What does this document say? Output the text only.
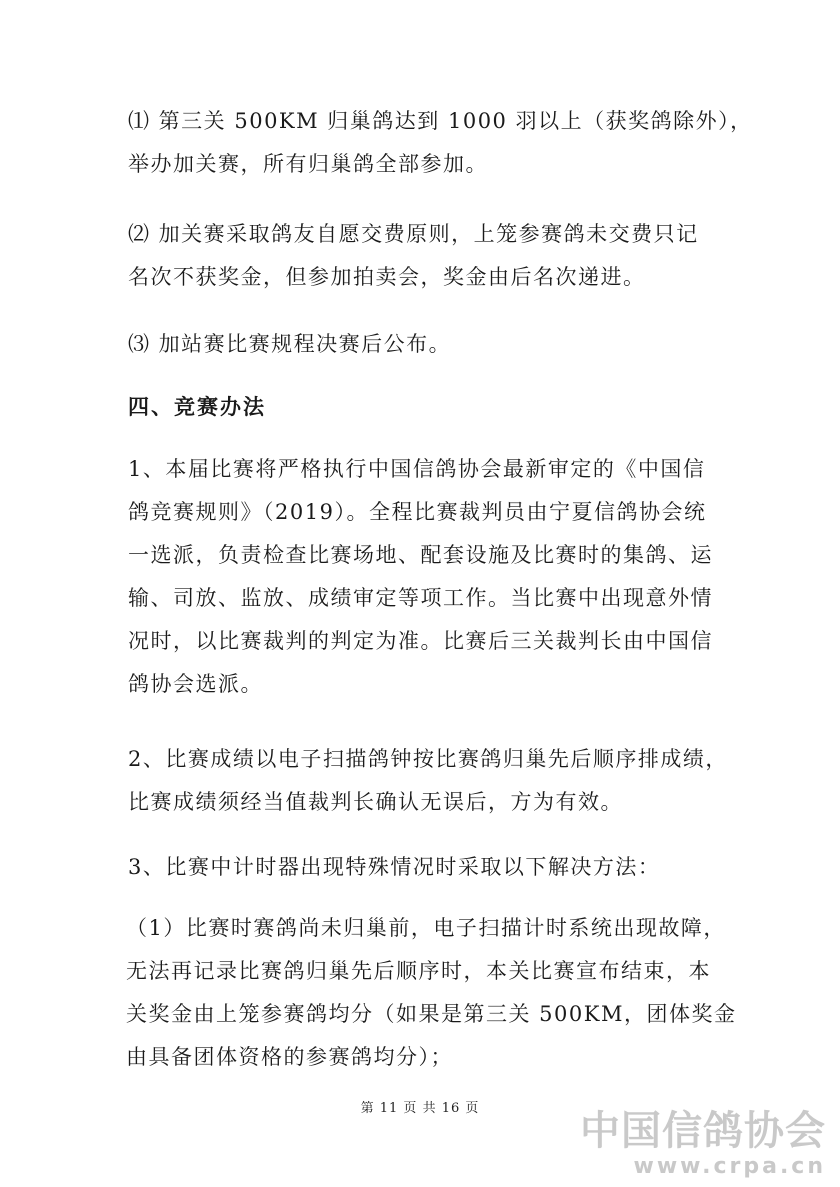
⑴ 第三关 500KM 归巢鸽达到 1000 羽以上（获奖鸽除外），
举办加关赛，所有归巢鸽全部参加。

⑵ 加关赛采取鸽友自愿交费原则，上笼参赛鸽未交费只记
名次不获奖金，但参加拍卖会，奖金由后名次递进。

⑶ 加站赛比赛规程决赛后公布。

四、竞赛办法

1、本届比赛将严格执行中国信鸽协会最新审定的《中国信
鸽竞赛规则》（2019）。全程比赛裁判员由宁夏信鸽协会统
一选派，负责检查比赛场地、配套设施及比赛时的集鸽、运
输、司放、监放、成绩审定等项工作。当比赛中出现意外情
况时，以比赛裁判的判定为准。比赛后三关裁判长由中国信
鸽协会选派。

2、比赛成绩以电子扫描鸽钟按比赛鸽归巢先后顺序排成绩，
比赛成绩须经当值裁判长确认无误后，方为有效。

3、比赛中计时器出现特殊情况时采取以下解决方法：

（1）比赛时赛鸽尚未归巢前，电子扫描计时系统出现故障，
无法再记录比赛鸽归巢先后顺序时，本关比赛宣布结束，本
关奖金由上笼参赛鸽均分（如果是第三关 500KM，团体奖金
由具备团体资格的参赛鸽均分）；

第 11 页 共 16 页	中国信鸽协会
www.crpa.cn
